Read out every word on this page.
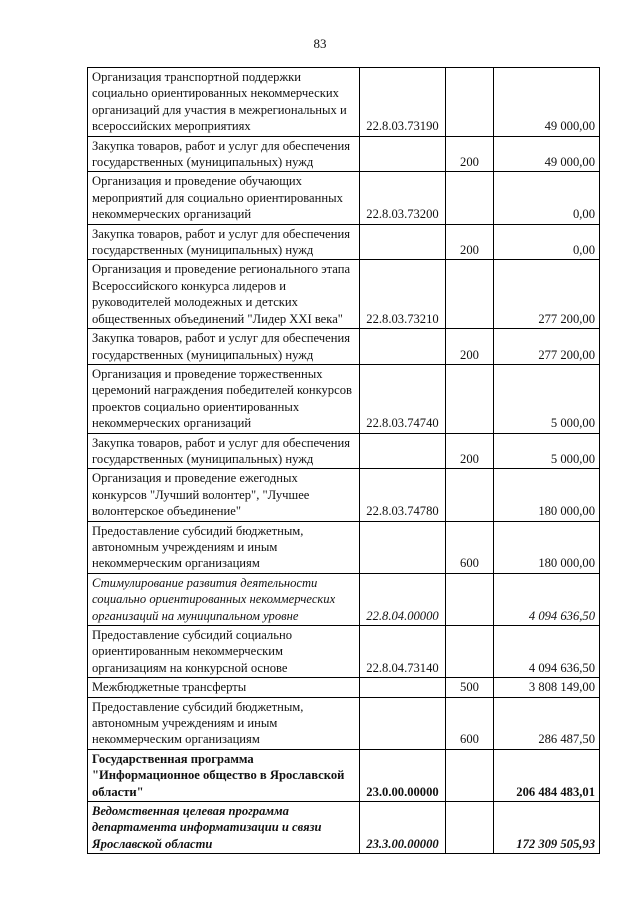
83
Организация транспортной поддержки социально ориентированных некоммерческих организаций для участия в межрегиональных и всероссийских мероприятиях	22.8.03.73190		49 000,00
Закупка товаров, работ и услуг для обеспечения государственных (муниципальных) нужд		200	49 000,00
Организация и проведение обучающих мероприятий для социально ориентированных некоммерческих организаций	22.8.03.73200		0,00
Закупка товаров, работ и услуг для обеспечения государственных (муниципальных) нужд		200	0,00
Организация и проведение регионального этапа Всероссийского конкурса лидеров и руководителей молодежных и детских общественных объединений "Лидер XXI века"	22.8.03.73210		277 200,00
Закупка товаров, работ и услуг для обеспечения государственных (муниципальных) нужд		200	277 200,00
Организация и проведение торжественных церемоний награждения победителей конкурсов проектов социально ориентированных некоммерческих организаций	22.8.03.74740		5 000,00
Закупка товаров, работ и услуг для обеспечения государственных (муниципальных) нужд		200	5 000,00
Организация и проведение ежегодных конкурсов "Лучший волонтер", "Лучшее волонтерское объединение"	22.8.03.74780		180 000,00
Предоставление субсидий бюджетным, автономным учреждениям и иным некоммерческим организациям		600	180 000,00
Стимулирование развития деятельности социально ориентированных некоммерческих организаций на муниципальном уровне	22.8.04.00000		4 094 636,50
Предоставление субсидий социально ориентированным некоммерческим организациям на конкурсной основе	22.8.04.73140		4 094 636,50
Межбюджетные трансферты		500	3 808 149,00
Предоставление субсидий бюджетным, автономным учреждениям и иным некоммерческим организациям		600	286 487,50
Государственная программа "Информационное общество в Ярославской области"	23.0.00.00000		206 484 483,01
Ведомственная целевая программа департамента информатизации и связи Ярославской области	23.3.00.00000		172 309 505,93
